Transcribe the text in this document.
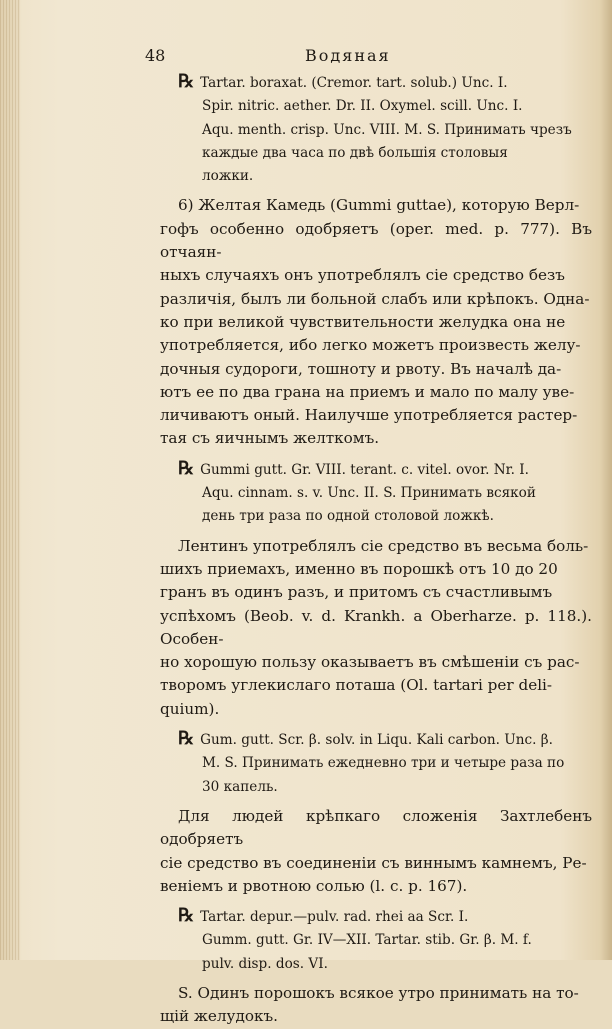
48	Водяная
℞ Tartar. boraxat. (Cremor. tart. solub.) Unc. I.
Spir. nitric. aether. Dr. II. Oxymel. scill. Unc. I.
Aqu. menth. crisp. Unc. VIII. M. S. Принимать чрезъ
каждые два часа по двѣ большія столовыя
ложки.
6) Желтая Камедь (Gummi guttae), которую Верл-
гофъ особенно одобряетъ (oper. med. p. 777). Въ отчаян-
ныхъ случаяхъ онъ употреблялъ сіе средство безъ
различія, былъ ли больной слабъ или крѣпокъ. Одна-
ко при великой чувствительности желудка она не
употребляется, ибо легко можетъ произвесть желу-
дочныя судороги, тошноту и рвоту. Въ началѣ да-
ютъ ее по два грана на приемъ и мало по малу уве-
личиваютъ оный. Наилучше употребляется растер-
тая съ яичнымъ желткомъ.
℞ Gummi gutt. Gr. VIII. terant. c. vitel. ovor. Nr. I.
Aqu. cinnam. s. v. Unc. II. S. Принимать всякой
день три раза по одной столовой ложкѣ.
Лентинъ употреблялъ сіе средство въ весьма боль-
шихъ приемахъ, именно въ порошкѣ отъ 10 до 20
гранъ въ одинъ разъ, и притомъ съ счастливымъ
успѣхомъ (Beob. v. d. Krankh. a Oberharze. p. 118.). Особен-
но хорошую пользу оказываетъ въ смѣшеніи съ рас-
творомъ углекислаго поташа (Ol. tartari per deli-
quium).
℞ Gum. gutt. Scr. β. solv. in Liqu. Kali carbon. Unc. β.
M. S. Принимать ежедневно три и четыре раза по
30 капель.
Для людей крѣпкаго сложенія Захтлебенъ одобряетъ
сіе средство въ соединеніи съ виннымъ камнемъ, Ре-
веніемъ и рвотною солью (l. c. p. 167).
℞ Tartar. depur.—pulv. rad. rhei aa Scr. I.
Gumm. gutt. Gr. IV—XII. Tartar. stib. Gr. β. M. f.
pulv. disp. dos. VI.
S. Одинъ порошокъ всякое утро принимать на то-
щій желудокъ.
